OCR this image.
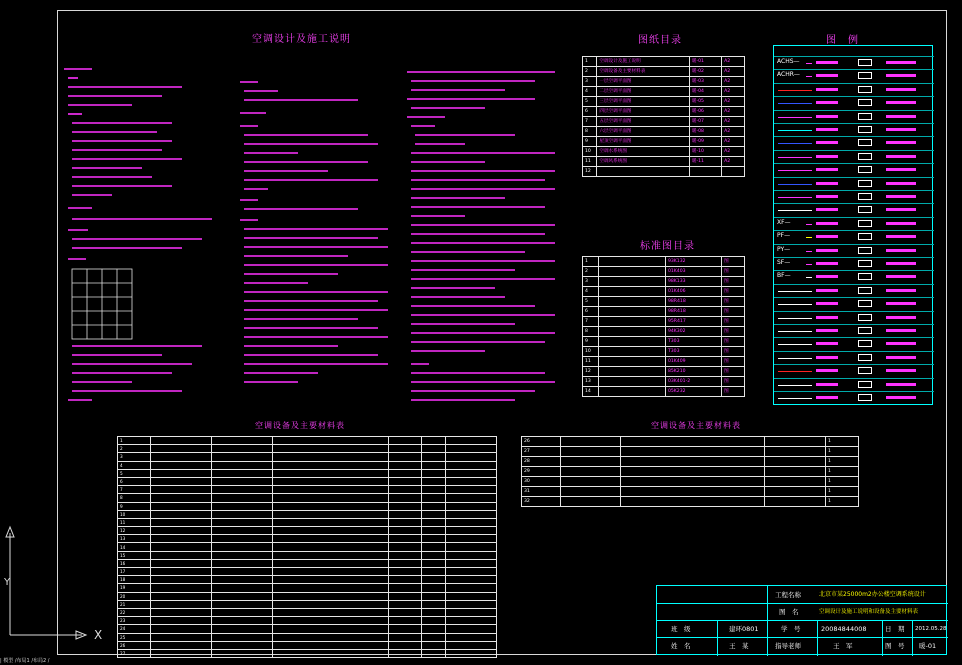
X
Y
空调设计及施工说明	图纸目录
1	空调设计及施工说明	暖-01	A2
2	空调设备及主要材料表	暖-02	A2
3	一层空调平面图	暖-03	A2
4	二层空调平面图	暖-04	A2
5	三层空调平面图	暖-05	A2
6	四层空调平面图	暖-06	A2
7	五层空调平面图	暖-07	A2
8	六层空调平面图	暖-08	A2
9	屋顶空调平面图	暖-09	A2
10	空调水系统图	暖-10	A2
11	空调风系统图	暖-11	A2
12			
标准图目录
1		93K132	图
2		01K403	图
3		98K133	图
4		01K406	图
5		98R418	图
6		98R418	图
7		95R417	图
8		94K302	图
9		T303	图
10		T303	图
11		01K409	图
12		85K210	图
13		03K401-2	图
14		05K232	图
图　例
ACHS—
ACHR—
XF—
PF—
PY—
SF—
BF—
空调设备及主要材料表
1						
2						
3						
4						
5						
6						
7						
8						
9						
10						
11						
12						
13						
14						
15						
16						
17						
18						
19						
20						
21						
22						
23						
24						
25						
26						
27						
空调设备及主要材料表
26				1
27				1
28				1
29				1
30				1
31				1
32				1
工程名称	北京市某25000m2办公楼空调系统设计
图　名	空调设计及施工说明和设备及主要材料表
班　级	建环0801	学　号	20084844008	日　期 2012.05.28
姓　名	王　某	指导老师	王　军	图　号 暖-01
| 模型 /布局1 /布局2 /
